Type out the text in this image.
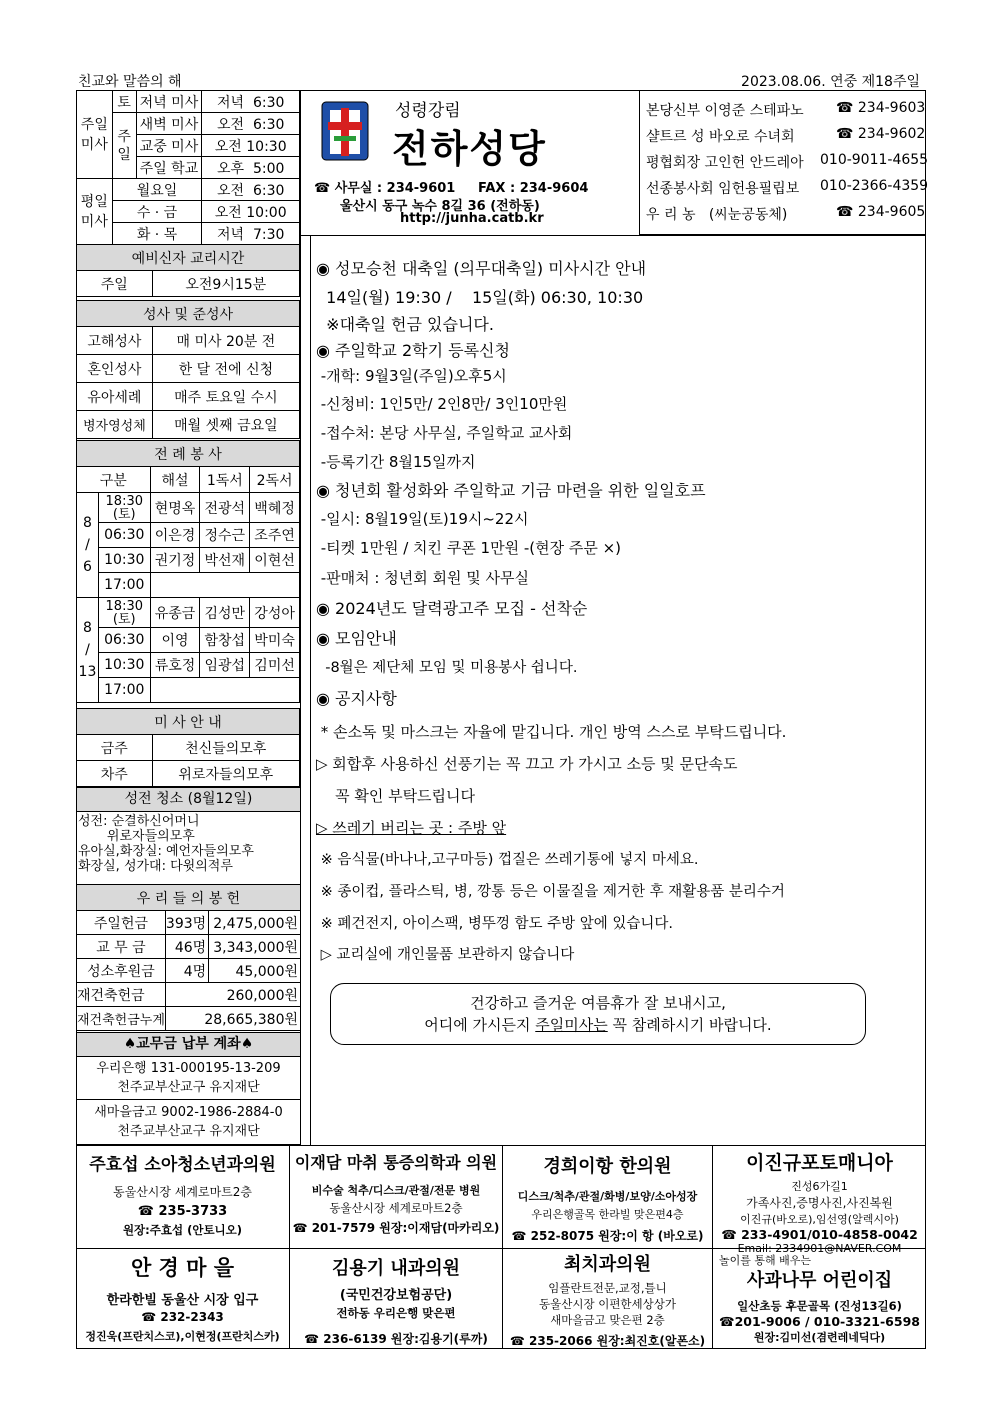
친교와 말씀의 해	2023.08.06. 연중 제18주일
주일
미사	토	저녁 미사	저녁  6:30
	주
일	새벽 미사	오전  6:30
		교중 미사	오전 10:30
		주일 학교	오후  5:00
평일
미사	월요일		오전  6:30
	수 · 금		오전 10:00
	화 · 목		저녁  7:30
성령강림
전하성당
☎ 사무실 : 234-9601     FAX : 234-9604
울산시 동구 녹수 8길 36 (전하동)
http://junha.catb.kr
본당신부 이영준 스테파노 ☎ 234-9603
샬트르 성 바오로 수녀회	☎ 234-9602
평협회장 고인헌 안드레아 010-9011-4655
선종봉사회 임헌용필립보 010-2366-4359
우 리 농   (씨눈공동체)	☎ 234-9605
예비신자 교리시간
주일	오전9시15분
성사 및 준성사	
고해성사	매 미사 20분 전
혼인성사	한 달 전에 신청
유아세례	매주 토요일 수시
병자영성체	매월 셋째 금요일
전 례 봉 사				
구분		해설	1독서	2독서
8
/
6	18:30
(토)	현명옥	전광석	백혜정
	06:30	이은경	정수근	조주연
	10:30	권기정	박선재	이현선
	17:00			
8
/
13	18:30
(토)	유종금	김성만	강성아
	06:30	이영	함창섭	박미숙
	10:30	류호정	임광섭	김미선
	17:00			
미 사 안 내	
금주	천신들의모후
차주	위로자들의모후
성전 청소 (8월12일)
성전: 순결하신어머니
위로자들의모후
유아실,화장실: 예언자들의모후
화장실, 성가대: 다윗의적루
우 리 들 의 봉 헌		
주일헌금	393명	2,475,000원
교 무 금	46명	3,343,000원
성소후원금	4명	45,000원
재건축헌금	260,000원	
재건축헌금누계	28,665,380원	
♠교무금 납부 계좌♠
우리은행 131-000195-13-209
천주교부산교구 유지재단
새마을금고 9002-1986-2884-0
천주교부산교구 유지재단
◉ 성모승천 대축일 (의무대축일) 미사시간 안내
14일(월) 19:30 /    15일(화) 06:30, 10:30
※대축일 헌금 있습니다.
◉ 주일학교 2학기 등록신청
-개학: 9월3일(주일)오후5시
-신청비: 1인5만/ 2인8만/ 3인10만원
-접수처: 본당 사무실, 주일학교 교사회
-등록기간 8월15일까지
◉ 청년회 활성화와 주일학교 기금 마련을 위한 일일호프
-일시: 8월19일(토)19시~22시
-티켓 1만원 / 치킨 쿠폰 1만원 -(현장 주문 ×)
-판매처 : 청년회 회원 및 사무실
◉ 2024년도 달력광고주 모집 - 선착순
◉ 모임안내
-8월은 제단체 모임 및 미용봉사 쉽니다.
◉ 공지사항
* 손소독 및 마스크는 자율에 맡깁니다. 개인 방역 스스로 부탁드립니다.
▷ 회합후 사용하신 선풍기는 꼭 끄고 가 가시고 소등 및 문단속도
꼭 확인 부탁드립니다
▷ 쓰레기 버리는 곳 : 주방 앞
※ 음식물(바나나,고구마등) 껍질은 쓰레기통에 넣지 마세요.
※ 종이컵, 플라스틱, 병, 깡통 등은 이물질을 제거한 후 재활용품 분리수거
※ 폐건전지, 아이스팩, 병뚜껑 함도 주방 앞에 있습니다.
▷ 교리실에 개인물품 보관하지 않습니다
건강하고 즐거운 여름휴가 잘 보내시고,
어디에 가시든지 주일미사는 꼭 참례하시기 바랍니다.
주효섭 소아청소년과의원
동울산시장 세계로마트2층
☎ 235-3733
원장:주효섭 (안토니오)
이재담 마취 통증의학과 의원
비수술 척추/디스크/관절/전문 병원
동울산시장 세계로마트2층
☎ 201-7579 원장:이재담(마카리오)
경희이항 한의원
디스크/척추/관절/화병/보양/소아성장
우리은행골목 한라빌 맞은편4층
☎ 252-8075 원장:이 항 (바오로)
이진규포토매니아
진성6가길1
가족사진,증명사진,사진복원
이진규(바오로),임선영(알렉시아)
☎ 233-4901/010-4858-0042
Email: 2334901@NAVER.COM
안 경 마 을
한라한빌 동울산 시장 입구
☎ 232-2343
정진욱(프란치스코),이현정(프란치스카)
김용기 내과의원
(국민건강보험공단)
전하동 우리은행 맞은편
☎ 236-6139 원장:김용기(루까)
최치과의원
임플란트전문,교정,틀니
동울산시장 이편한세상상가
새마을금고 맞은편 2층
☎ 235-2066 원장:최진호(알폰소)
놀이를 통해 배우는
사과나무 어린이집
일산초등 후문골목 (진성13길6)
☎201-9006 / 010-3321-6598
원장:김미선(겸련레네딕다)
